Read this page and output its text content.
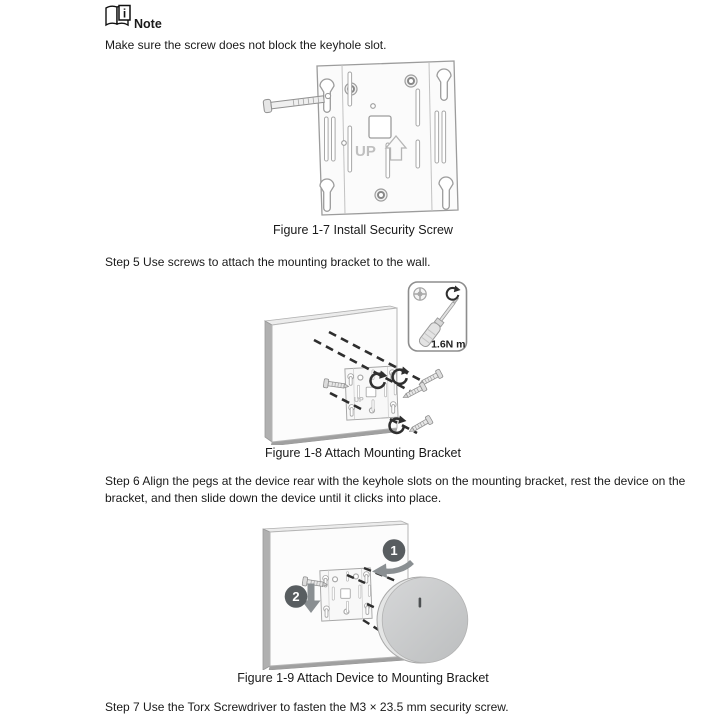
i
Note
Make sure the screw does not block the keyhole slot.
UP
Figure 1-7 Install Security Screw
Step 5 Use screws to attach the mounting bracket to the wall.
UP
1.6N m
Figure 1-8 Attach Mounting Bracket
Step 6 Align the pegs at the device rear with the keyhole slots on the mounting bracket, rest the device on the bracket, and then slide down the device until it clicks into place.
1
2
Figure 1-9 Attach Device to Mounting Bracket
Step 7 Use the Torx Screwdriver to fasten the M3 × 23.5 mm security screw.
